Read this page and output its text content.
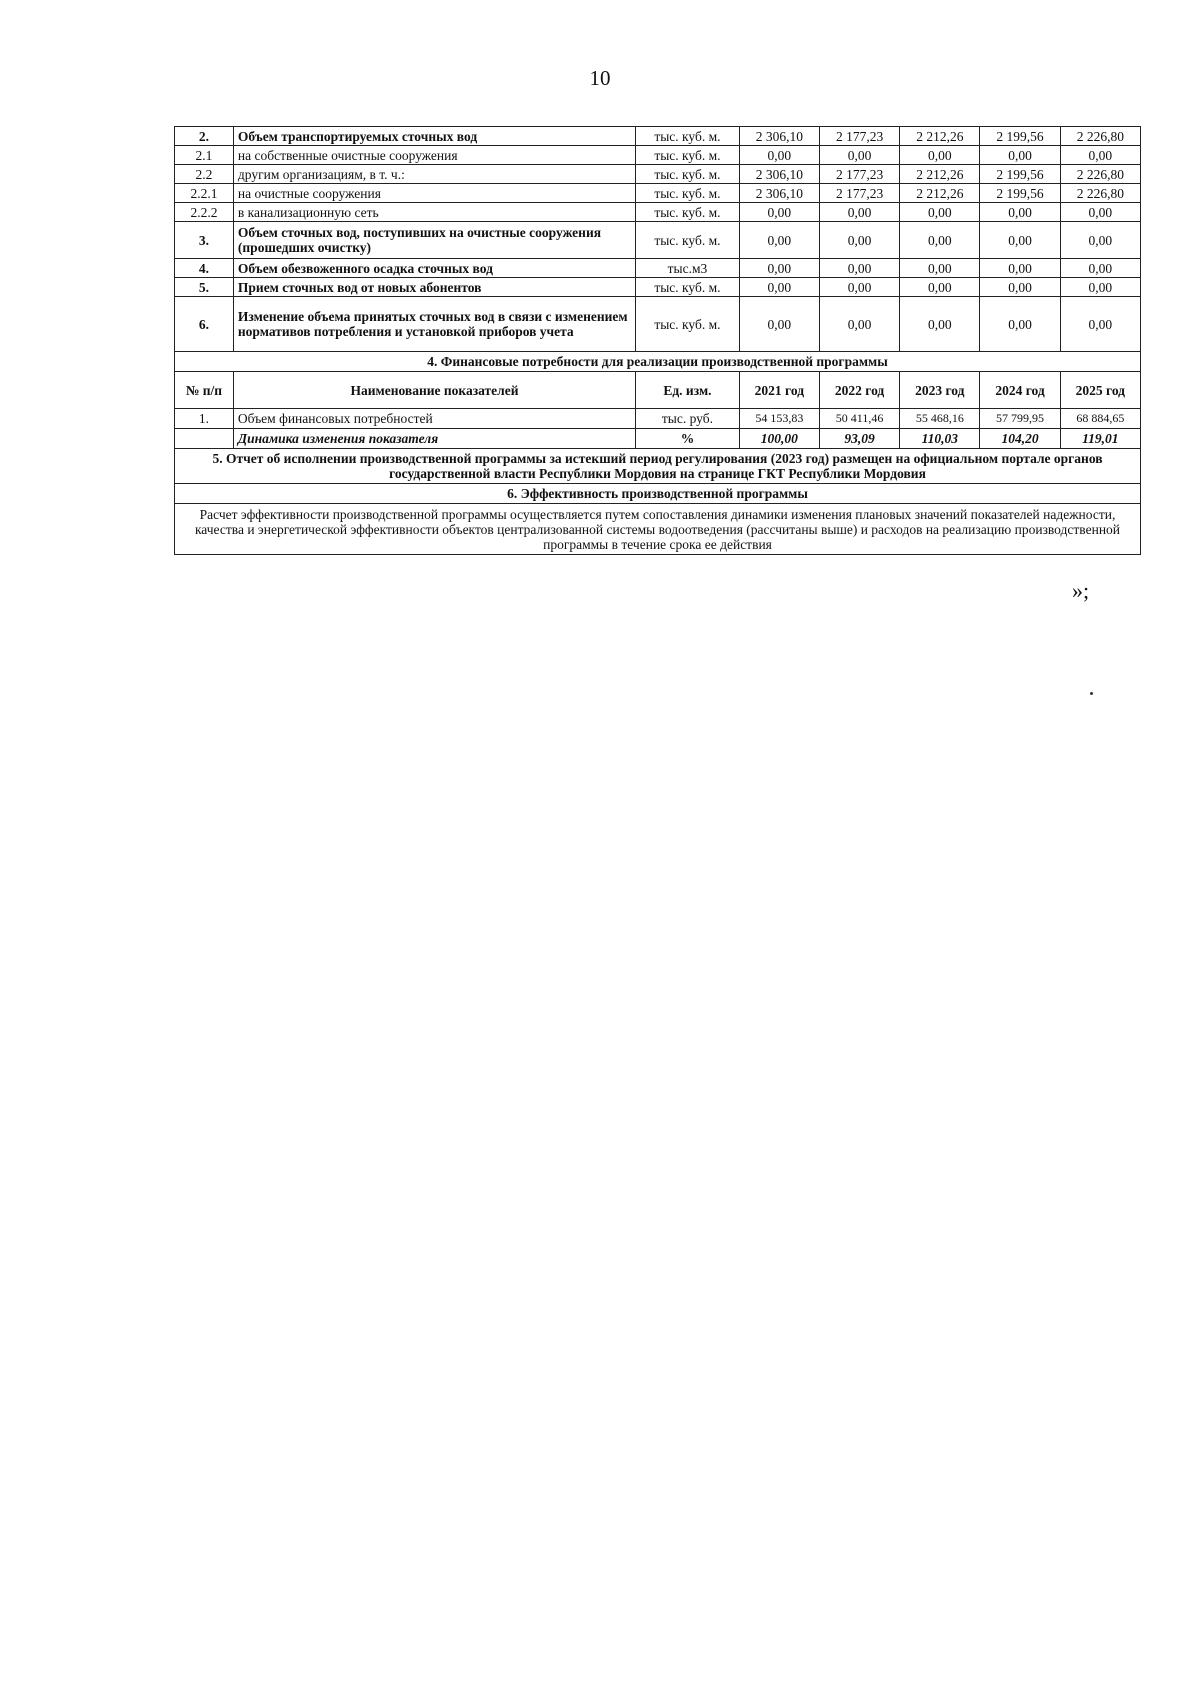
10
2.	Объем транспортируемых сточных вод	тыс. куб. м.	2 306,10	2 177,23	2 212,26	2 199,56	2 226,80
2.1	на собственные очистные сооружения	тыс. куб. м.	0,00	0,00	0,00	0,00	0,00
2.2	другим организациям, в т. ч.:	тыс. куб. м.	2 306,10	2 177,23	2 212,26	2 199,56	2 226,80
2.2.1	на очистные сооружения	тыс. куб. м.	2 306,10	2 177,23	2 212,26	2 199,56	2 226,80
2.2.2	в канализационную сеть	тыс. куб. м.	0,00	0,00	0,00	0,00	0,00
3.	Объем сточных вод, поступивших на очистные сооружения (прошедших очистку)	тыс. куб. м.	0,00	0,00	0,00	0,00	0,00
4.	Объем обезвоженного осадка сточных вод	тыс.м3	0,00	0,00	0,00	0,00	0,00
5.	Прием сточных вод от новых абонентов	тыс. куб. м.	0,00	0,00	0,00	0,00	0,00
6.	Изменение объема принятых сточных вод в связи с изменением нормативов потребления и установкой приборов учета	тыс. куб. м.	0,00	0,00	0,00	0,00	0,00
4. Финансовые потребности для реализации производственной программы							
№ п/п	Наименование показателей	Ед. изм.	2021 год	2022 год	2023 год	2024 год	2025 год
1.	Объем финансовых потребностей	тыс. руб.	54 153,83	50 411,46	55 468,16	57 799,95	68 884,65
	Динамика изменения показателя	%	100,00	93,09	110,03	104,20	119,01
5. Отчет об исполнении производственной программы за истекший период регулирования (2023 год) размещен на официальном портале органов государственной власти Республики Мордовия на странице ГКТ Республики Мордовия							
6. Эффективность производственной программы							
Расчет эффективности производственной программы осуществляется путем сопоставления динамики изменения плановых значений показателей надежности, качества и энергетической эффективности объектов централизованной системы водоотведения (рассчитаны выше) и расходов на реализацию производственной программы в течение срока ее действия							
»;
